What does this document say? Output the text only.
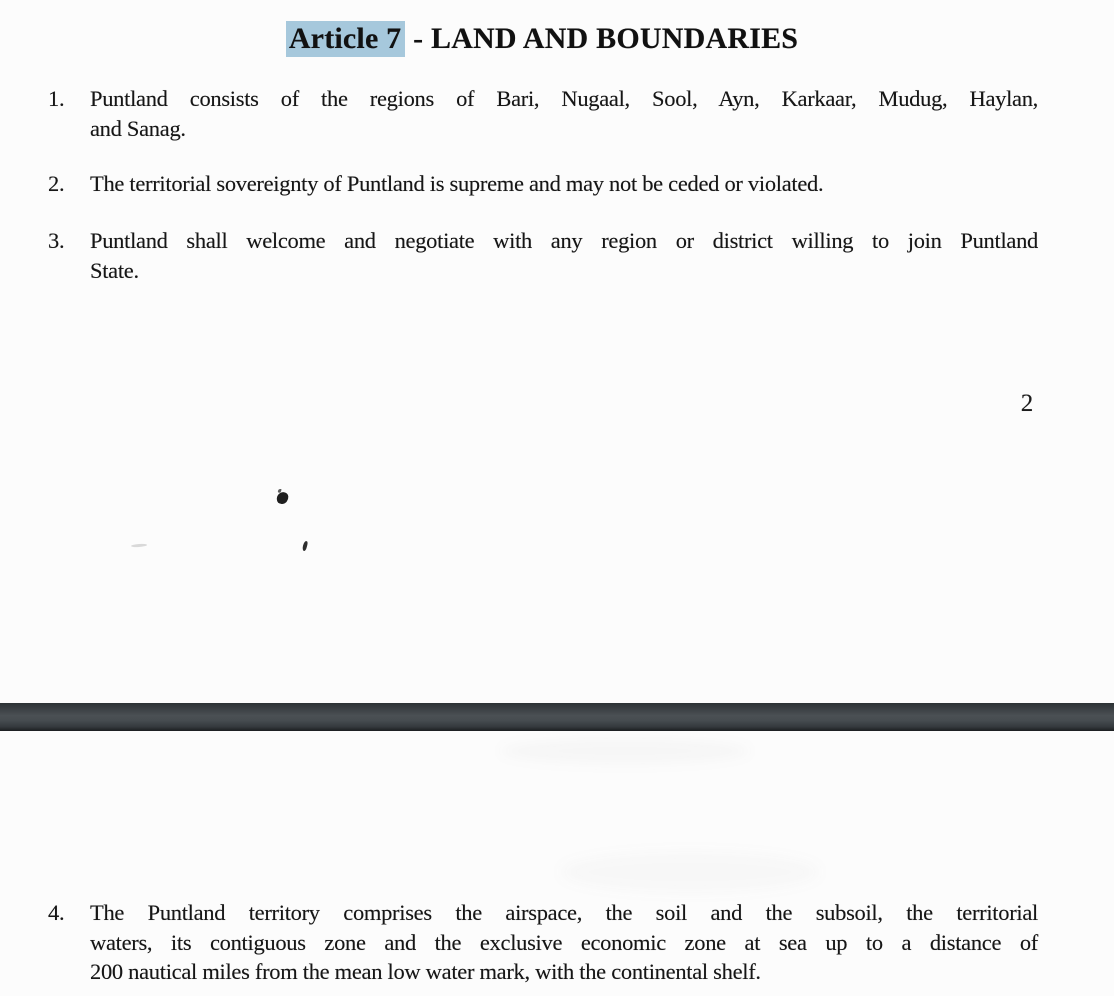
Article 7 - LAND AND BOUNDARIES
1.	Puntland consists of the regions of Bari, Nugaal, Sool, Ayn, Karkaar, Mudug, Haylan,
and Sanag.
2.	The territorial sovereignty of Puntland is supreme and may not be ceded or violated.
3.	Puntland shall welcome and negotiate with any region or district willing to join Puntland
State.
2
4.	The Puntland territory comprises the airspace, the soil and the subsoil, the territorial
waters, its contiguous zone and the exclusive economic zone at sea up to a distance of
200 nautical miles from the mean low water mark, with the continental shelf.
